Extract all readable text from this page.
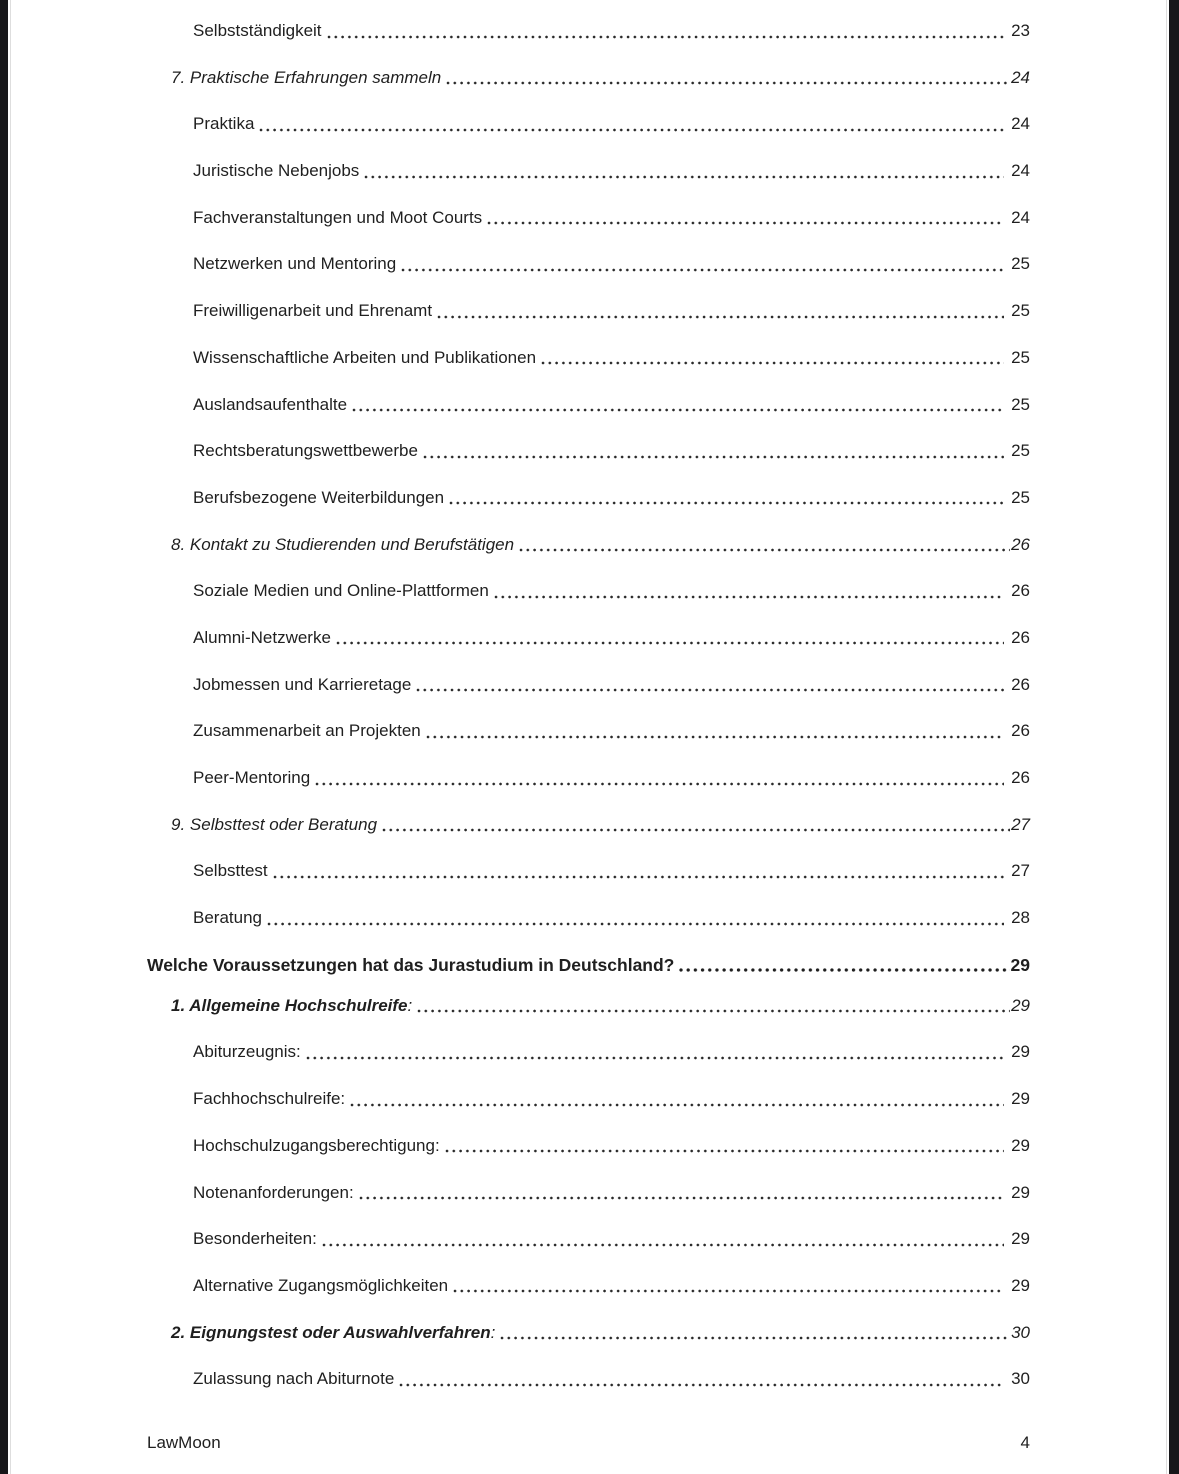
Selbstständigkeit	23
7. Praktische Erfahrungen sammeln	24
Praktika	24
Juristische Nebenjobs	24
Fachveranstaltungen und Moot Courts	24
Netzwerken und Mentoring	25
Freiwilligenarbeit und Ehrenamt	25
Wissenschaftliche Arbeiten und Publikationen	25
Auslandsaufenthalte	25
Rechtsberatungswettbewerbe	25
Berufsbezogene Weiterbildungen	25
8. Kontakt zu Studierenden und Berufstätigen	26
Soziale Medien und Online-Plattformen	26
Alumni-Netzwerke	26
Jobmessen und Karrieretage	26
Zusammenarbeit an Projekten	26
Peer-Mentoring	26
9. Selbsttest oder Beratung	27
Selbsttest	27
Beratung	28
Welche Voraussetzungen hat das Jurastudium in Deutschland?	29
1. Allgemeine Hochschulreife :	29
Abiturzeugnis:	29
Fachhochschulreife:	29
Hochschulzugangsberechtigung:	29
Notenanforderungen:	29
Besonderheiten:	29
Alternative Zugangsmöglichkeiten	29
2. Eignungstest oder Auswahlverfahren :	30
Zulassung nach Abiturnote	30
LawMoon	4
